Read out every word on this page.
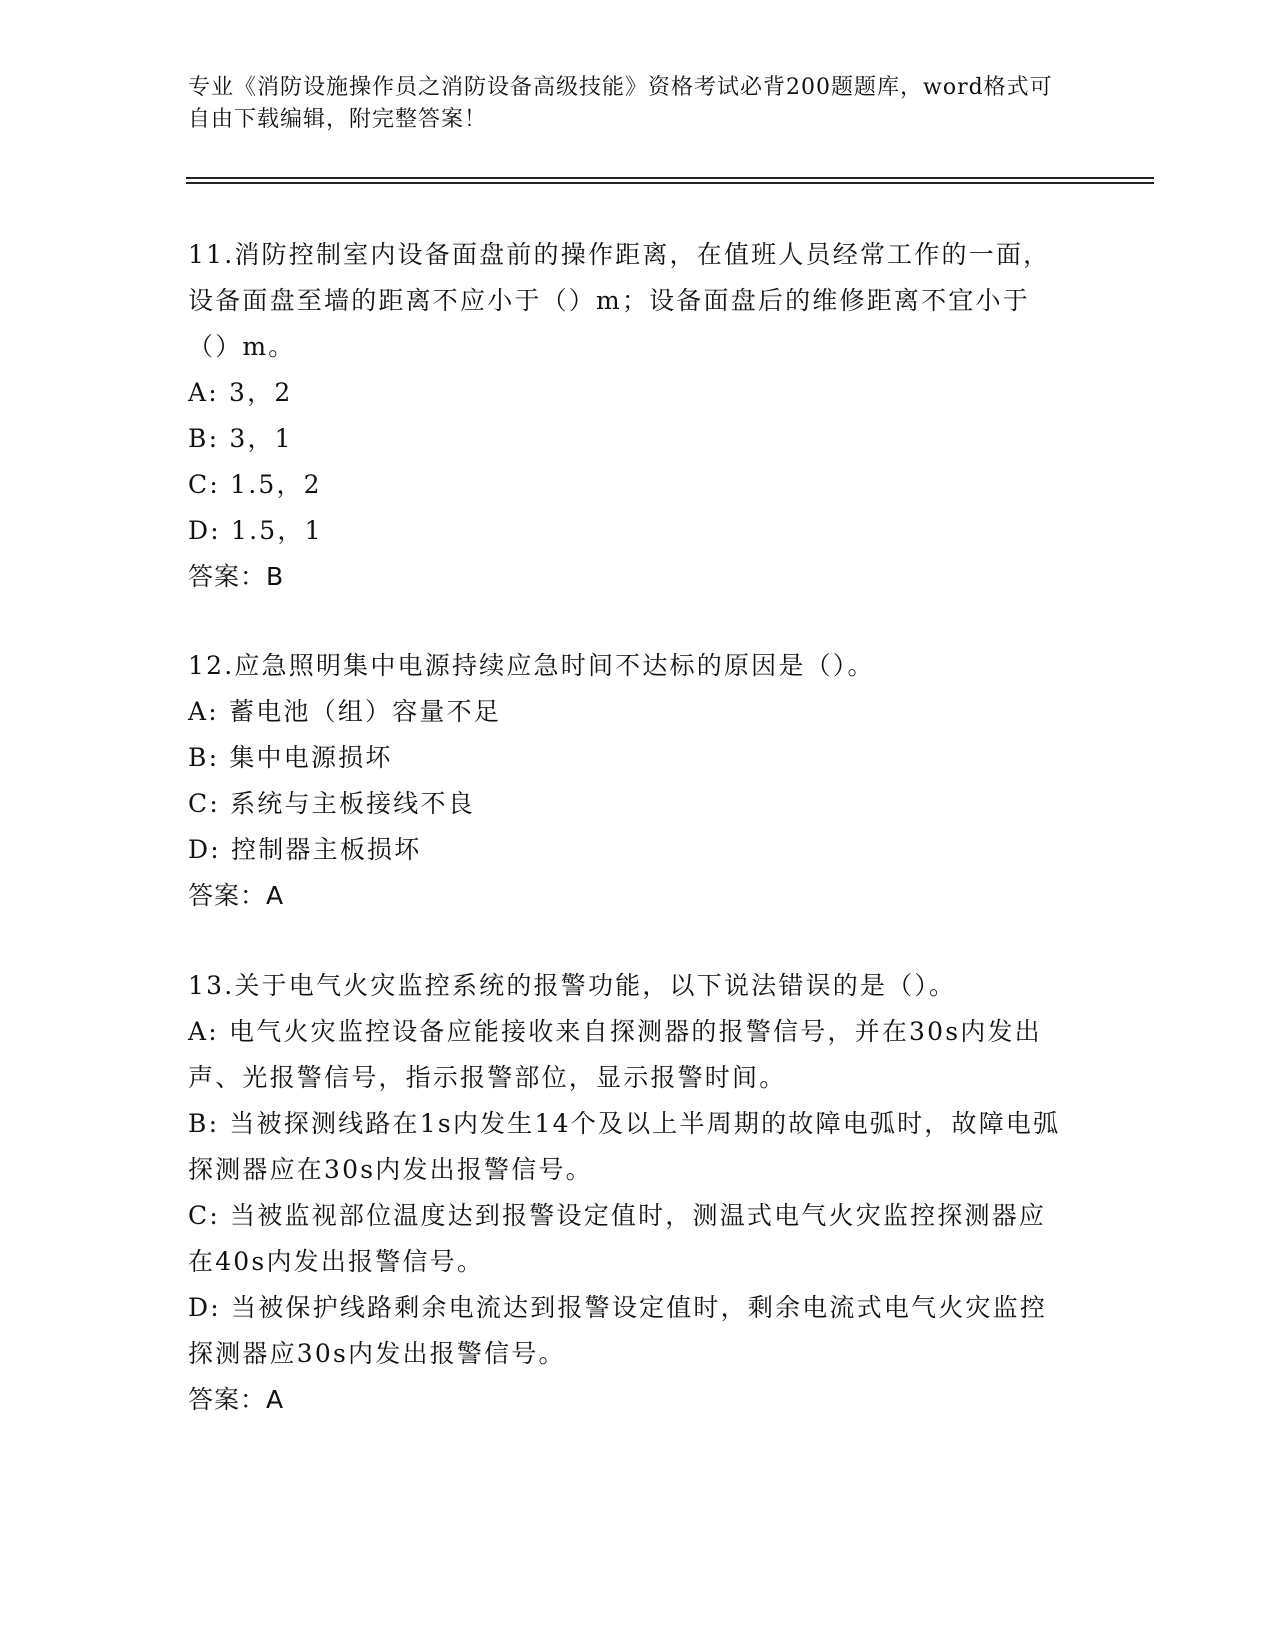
专业《消防设施操作员之消防设备高级技能》资格考试必背200题题库，word格式可自由下载编辑，附完整答案！

11.消防控制室内设备面盘前的操作距离，在值班人员经常工作的一面，设备面盘至墙的距离不应小于（）m；设备面盘后的维修距离不宜小于（）m。

A: 3，2

B: 3，1

C: 1.5，2

D: 1.5，1

答案：B

12.应急照明集中电源持续应急时间不达标的原因是（）。

A: 蓄电池（组）容量不足

B: 集中电源损坏

C: 系统与主板接线不良

D: 控制器主板损坏

答案：A

13.关于电气火灾监控系统的报警功能，以下说法错误的是（）。

A: 电气火灾监控设备应能接收来自探测器的报警信号，并在30s内发出声、光报警信号，指示报警部位，显示报警时间。

B: 当被探测线路在1s内发生14个及以上半周期的故障电弧时，故障电弧探测器应在30s内发出报警信号。

C: 当被监视部位温度达到报警设定值时，测温式电气火灾监控探测器应在40s内发出报警信号。

D: 当被保护线路剩余电流达到报警设定值时，剩余电流式电气火灾监控探测器应30s内发出报警信号。

答案：A
